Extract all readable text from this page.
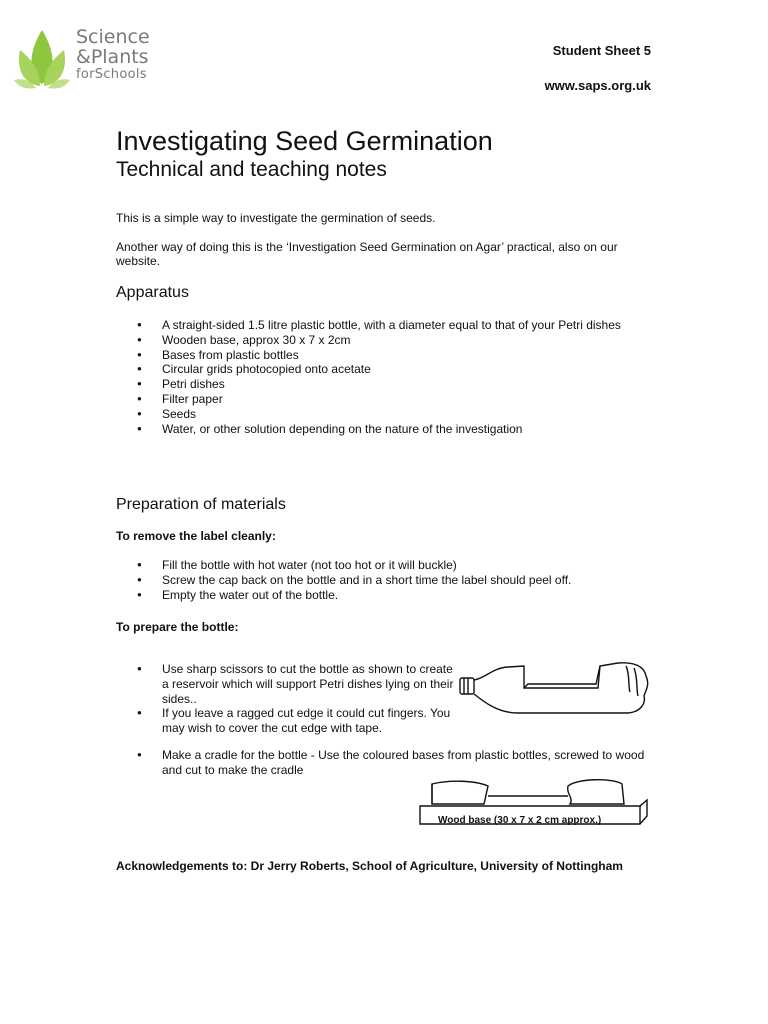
Science
&Plants
forSchools
Student Sheet 5
www.saps.org.uk
Investigating Seed Germination
Technical and teaching notes
This is a simple way to investigate the germination of seeds.
Another way of doing this is the ‘Investigation Seed Germination on Agar’ practical, also on our website.
Apparatus
● A straight-sided 1.5 litre plastic bottle, with a diameter equal to that of your Petri dishes
● Wooden base, approx 30 x 7 x 2cm
● Bases from plastic bottles
● Circular grids photocopied onto acetate
● Petri dishes
● Filter paper
● Seeds
● Water, or other solution depending on the nature of the investigation
Preparation of materials
To remove the label cleanly:
● Fill the bottle with hot water (not too hot or it will buckle)
● Screw the cap back on the bottle and in a short time the label should peel off.
● Empty the water out of the bottle.
To prepare the bottle:
● Use sharp scissors to cut the bottle as shown to create a reservoir which will support Petri dishes lying on their sides..
● If you leave a ragged cut edge it could cut fingers. You may wish to cover the cut edge with tape.
● Make a cradle for the bottle - Use the coloured bases from plastic bottles, screwed to wood and cut to make the cradle
Wood base (30 x 7 x 2 cm approx.)
Acknowledgements to: Dr Jerry Roberts, School of Agriculture, University of Nottingham
